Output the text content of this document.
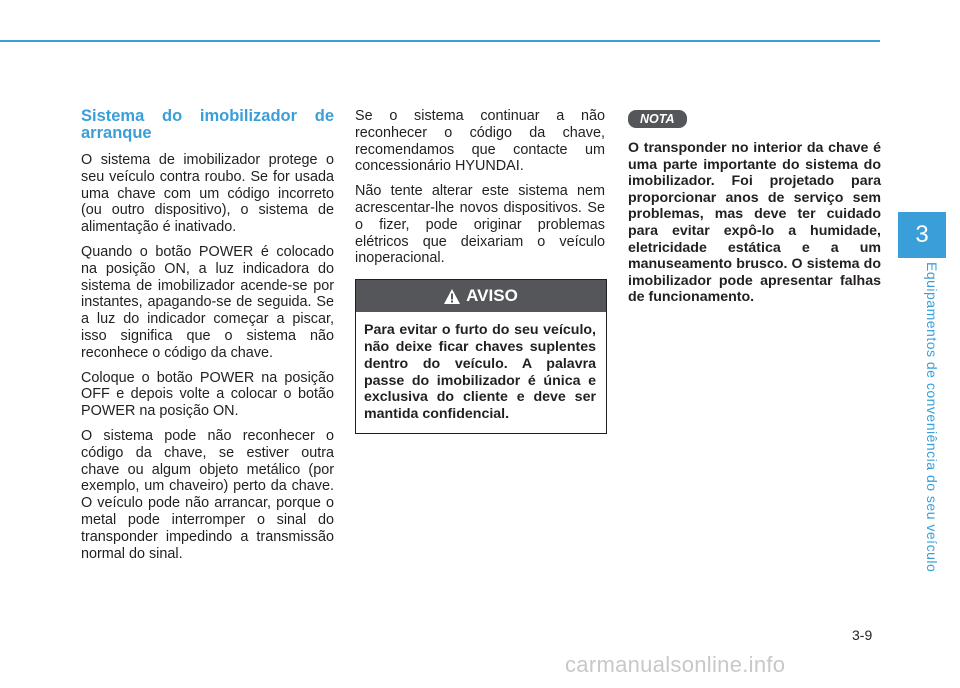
Sistema do imobilizador de arranque

O sistema de imobilizador protege o seu veículo contra roubo. Se for usada uma chave com um código incorreto (ou outro dispositivo), o sistema de alimentação é inativado.

Quando o botão POWER é colocado na posição ON, a luz indicadora do sistema de imobilizador acende-se por instantes, apagando-se de seguida. Se a luz do indicador começar a piscar, isso significa que o sistema não reconhece o código da chave.

Coloque o botão POWER na posição OFF e depois volte a colocar o botão POWER na posição ON.

O sistema pode não reconhecer o código da chave, se estiver outra chave ou algum objeto metálico (por exemplo, um chaveiro) perto da chave. O veículo pode não arrancar, porque o metal pode interromper o sinal do transponder impedindo a transmissão normal do sinal.

Se o sistema continuar a não reconhecer o código da chave, recomendamos que contacte um concessionário HYUNDAI.

Não tente alterar este sistema nem acrescentar-lhe novos dispositivos. Se o fizer, pode originar problemas elétricos que deixariam o veículo inoperacional.

AVISO
Para evitar o furto do seu veículo, não deixe ficar chaves suplentes dentro do veículo. A palavra passe do imobilizador é única e exclusiva do cliente e deve ser mantida confidencial.
NOTA

O transponder no interior da chave é uma parte importante do sistema do imobilizador. Foi projetado para proporcionar anos de serviço sem problemas, mas deve ter cuidado para evitar expô-lo a humidade, eletricidade estática e a um manuseamento brusco. O sistema do imobilizador pode apresentar falhas de funcionamento.

3
Equipamentos de conveniência do seu veículo
3-9
carmanualsonline.info
